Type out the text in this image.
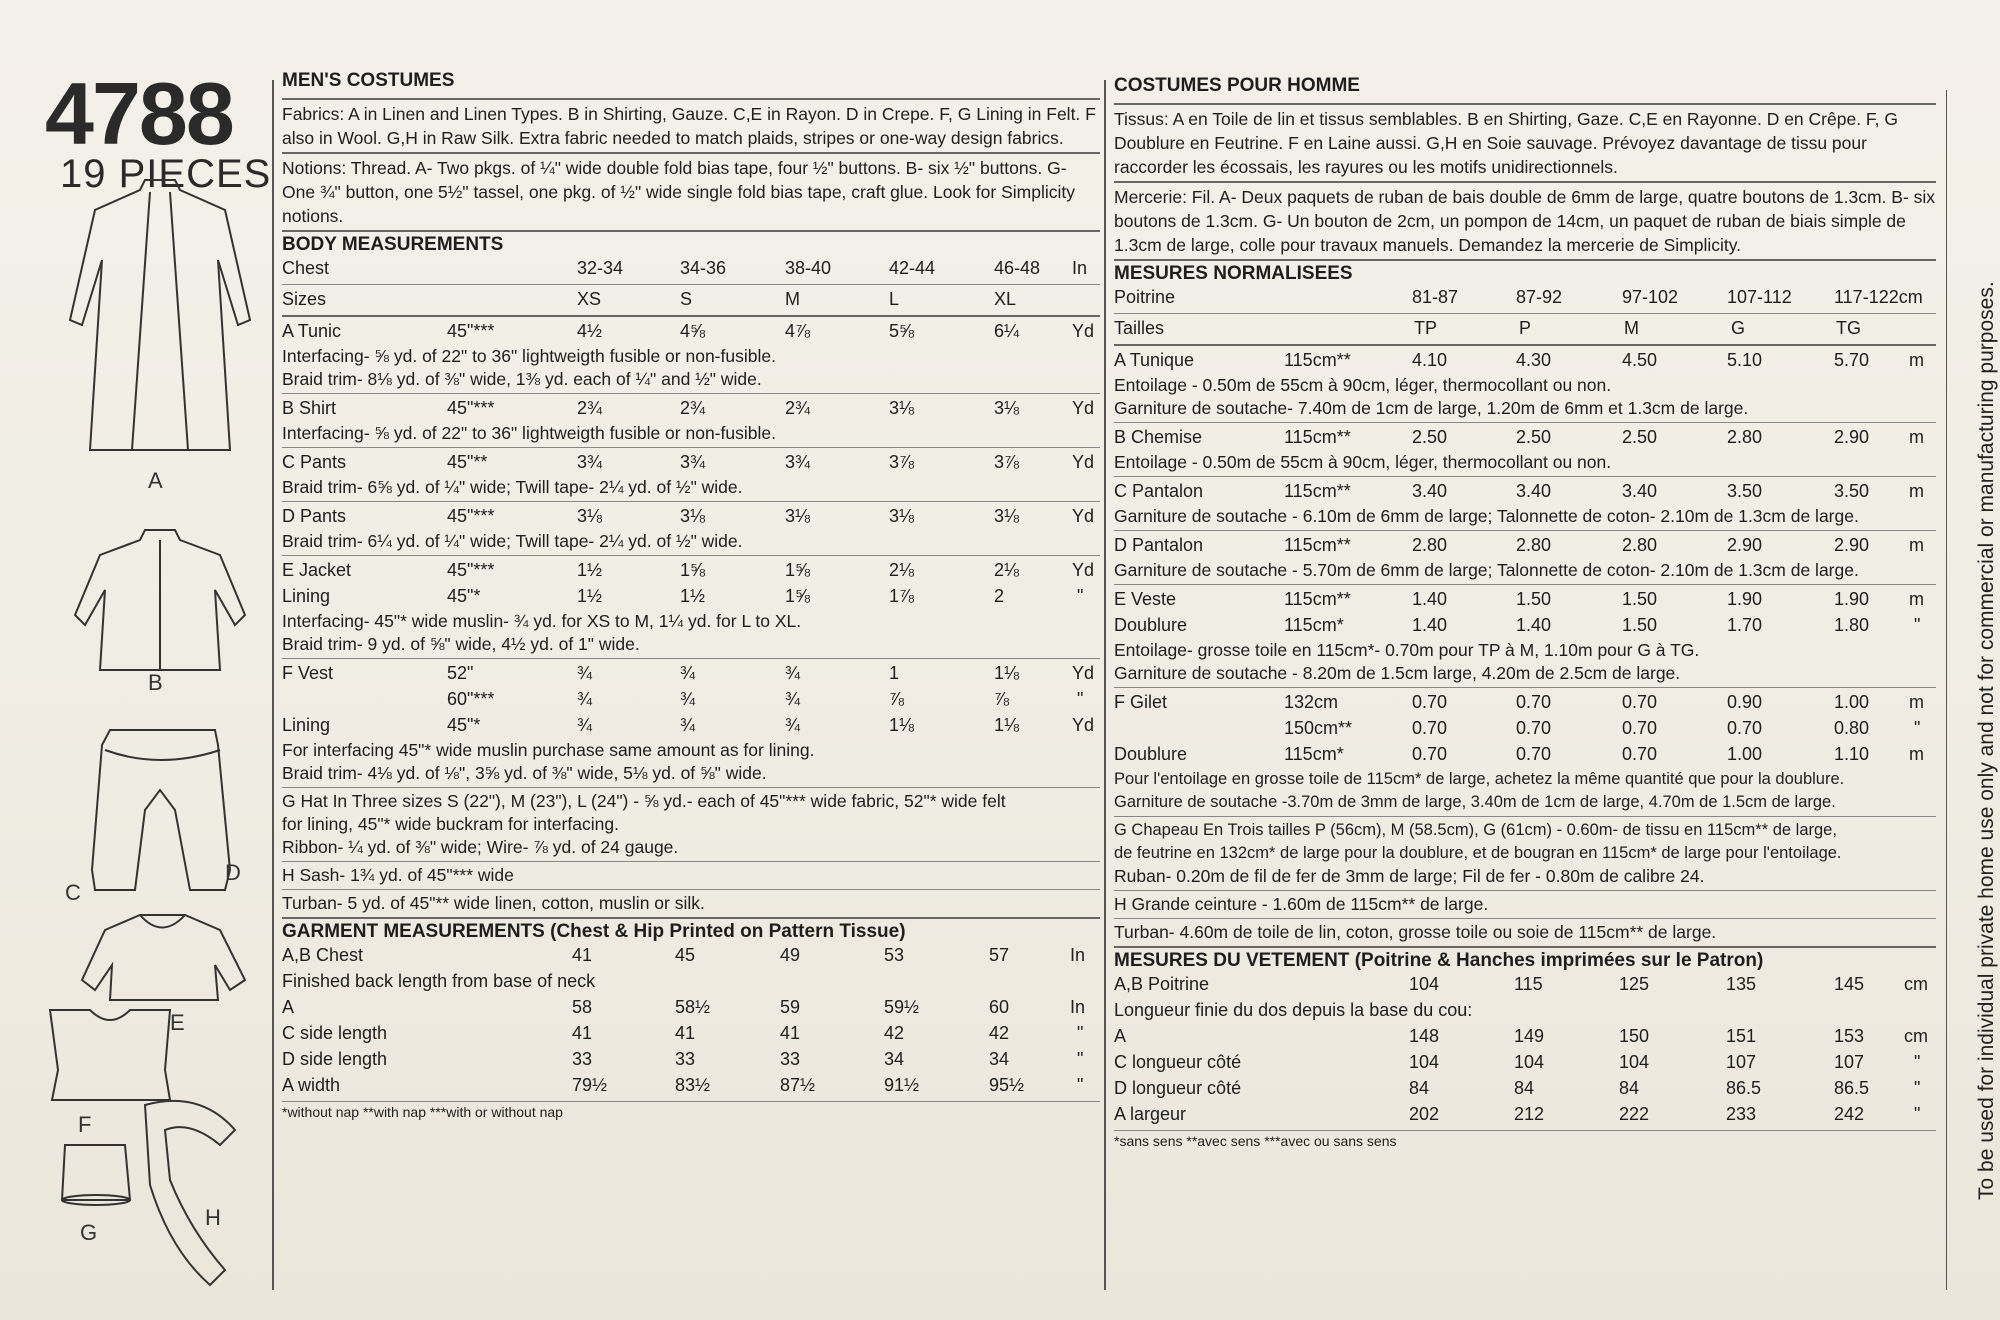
4788
19 PIECES
A
B
C
D
E
F
G
H
MEN'S COSTUMES
Fabrics: A in Linen and Linen Types. B in Shirting, Gauze. C,E in Rayon. D in Crepe. F, G Lining in Felt. F also in Wool. G,H in Raw Silk. Extra fabric needed to match plaids, stripes or one-way design fabrics.
Notions: Thread. A- Two pkgs. of ¼" wide double fold bias tape, four ½" buttons. B- six ½" buttons. G- One ¾" button, one 5½" tassel, one pkg. of ½" wide single fold bias tape, craft glue. Look for Simplicity notions.
BODY MEASUREMENTS
Chest	32-34	34-36	38-40	42-44	46-48 In
Sizes	XS	S	M	L	XL
A Tunic	45"***	4½	4⅝	4⅞	5⅝	6¼	Yd
Interfacing- ⅝ yd. of 22" to 36" lightweigth fusible or non-fusible.
Braid trim- 8⅛ yd. of ⅜" wide, 1⅜ yd. each of ¼" and ½" wide.
B Shirt	45"***	2¾	2¾	2¾	3⅛	3⅛	Yd
Interfacing- ⅝ yd. of 22" to 36" lightweigth fusible or non-fusible.
C Pants	45"**	3¾	3¾	3¾	3⅞	3⅞	Yd
Braid trim- 6⅝ yd. of ¼" wide; Twill tape- 2¼ yd. of ½" wide.
D Pants	45"***	3⅛	3⅛	3⅛	3⅛	3⅛	Yd
Braid trim- 6¼ yd. of ¼" wide; Twill tape- 2¼ yd. of ½" wide.
E Jacket	45"***	1½	1⅝	1⅝	2⅛	2⅛	Yd
Lining	45"*	1½	1½	1⅝	1⅞	2	"
Interfacing- 45"* wide muslin- ¾ yd. for XS to M, 1¼ yd. for L to XL.
Braid trim- 9 yd. of ⅝" wide, 4½ yd. of 1" wide.
F Vest	52"	¾	¾	¾	1	1⅛	Yd
60"***	¾	¾	¾	⅞	⅞	"
Lining	45"*	¾	¾	¾	1⅛	1⅛	Yd
For interfacing 45"* wide muslin purchase same amount as for lining.
Braid trim- 4⅛ yd. of ⅛", 3⅝ yd. of ⅜" wide, 5⅛ yd. of ⅝" wide.
G Hat In Three sizes S (22"), M (23"), L (24") - ⅝ yd.- each of 45"*** wide fabric, 52"* wide felt
for lining, 45"* wide buckram for interfacing.
Ribbon- ¼ yd. of ⅜" wide; Wire- ⅞ yd. of 24 gauge.
H Sash- 1¾ yd. of 45"*** wide
Turban- 5 yd. of 45"** wide linen, cotton, muslin or silk.
GARMENT MEASUREMENTS (Chest & Hip Printed on Pattern Tissue)
A,B Chest	41	45	49	53	57	In
Finished back length from base of neck
A	58	58½	59	59½	60	In
C side length	41	41	41	42	42	"
D side length	33	33	33	34	34	"
A width	79½	83½	87½	91½	95½	"
*without nap **with nap ***with or without nap
COSTUMES POUR HOMME
Tissus: A en Toile de lin et tissus semblables. B en Shirting, Gaze. C,E en Rayonne. D en Crêpe. F, G Doublure en Feutrine. F en Laine aussi. G,H en Soie sauvage. Prévoyez davantage de tissu pour raccorder les écossais, les rayures ou les motifs unidirectionnels.
Mercerie: Fil. A- Deux paquets de ruban de bais double de 6mm de large, quatre boutons de 1.3cm. B- six boutons de 1.3cm. G- Un bouton de 2cm, un pompon de 14cm, un paquet de ruban de biais simple de 1.3cm de large, colle pour travaux manuels. Demandez la mercerie de Simplicity.
MESURES NORMALISEES
Poitrine	81-87	87-92	97-102	107-112 117-122cm
Tailles	TP	P	M	G	TG
A Tunique	115cm**	4.10	4.30	4.50	5.10	5.70 m
Entoilage - 0.50m de 55cm à 90cm, léger, thermocollant ou non.
Garniture de soutache- 7.40m de 1cm de large, 1.20m de 6mm et 1.3cm de large.
B Chemise	115cm**	2.50	2.50	2.50	2.80	2.90 m
Entoilage - 0.50m de 55cm à 90cm, léger, thermocollant ou non.
C Pantalon	115cm**	3.40	3.40	3.40	3.50	3.50 m
Garniture de soutache - 6.10m de 6mm de large; Talonnette de coton- 2.10m de 1.3cm de large.
D Pantalon	115cm**	2.80	2.80	2.80	2.90	2.90 m
Garniture de soutache - 5.70m de 6mm de large; Talonnette de coton- 2.10m de 1.3cm de large.
E Veste	115cm**	1.40	1.50	1.50	1.90	1.90 m
Doublure	115cm*	1.40	1.40	1.50	1.70	1.80 "
Entoilage- grosse toile en 115cm*- 0.70m pour TP à M, 1.10m pour G à TG.
Garniture de soutache - 8.20m de 1.5cm large, 4.20m de 2.5cm de large.
F Gilet	132cm	0.70	0.70	0.70	0.90	1.00 m
150cm**	0.70	0.70	0.70	0.70	0.80 "
Doublure	115cm*	0.70	0.70	0.70	1.00	1.10 m
Pour l'entoilage en grosse toile de 115cm* de large, achetez la même quantité que pour la doublure.
Garniture de soutache -3.70m de 3mm de large, 3.40m de 1cm de large, 4.70m de 1.5cm de large.
G Chapeau En Trois tailles P (56cm), M (58.5cm), G (61cm) - 0.60m- de tissu en 115cm** de large,
de feutrine en 132cm* de large pour la doublure, et de bougran en 115cm* de large pour l'entoilage.
Ruban- 0.20m de fil de fer de 3mm de large; Fil de fer - 0.80m de calibre 24.
H Grande ceinture - 1.60m de 115cm** de large.
Turban- 4.60m de toile de lin, coton, grosse toile ou soie de 115cm** de large.
MESURES DU VETEMENT (Poitrine & Hanches imprimées sur le Patron)
A,B Poitrine	104	115	125	135	145 cm
Longueur finie du dos depuis la base du cou:
A	148	149	150	151	153 cm
C longueur côté	104	104	104	107	107	"
D longueur côté	84	84	84	86.5	86.5 "
A largeur	202	212	222	233	242	"
*sans sens **avec sens ***avec ou sans sens	To be used for individual private home use only and not for commercial or manufacturing purposes.
